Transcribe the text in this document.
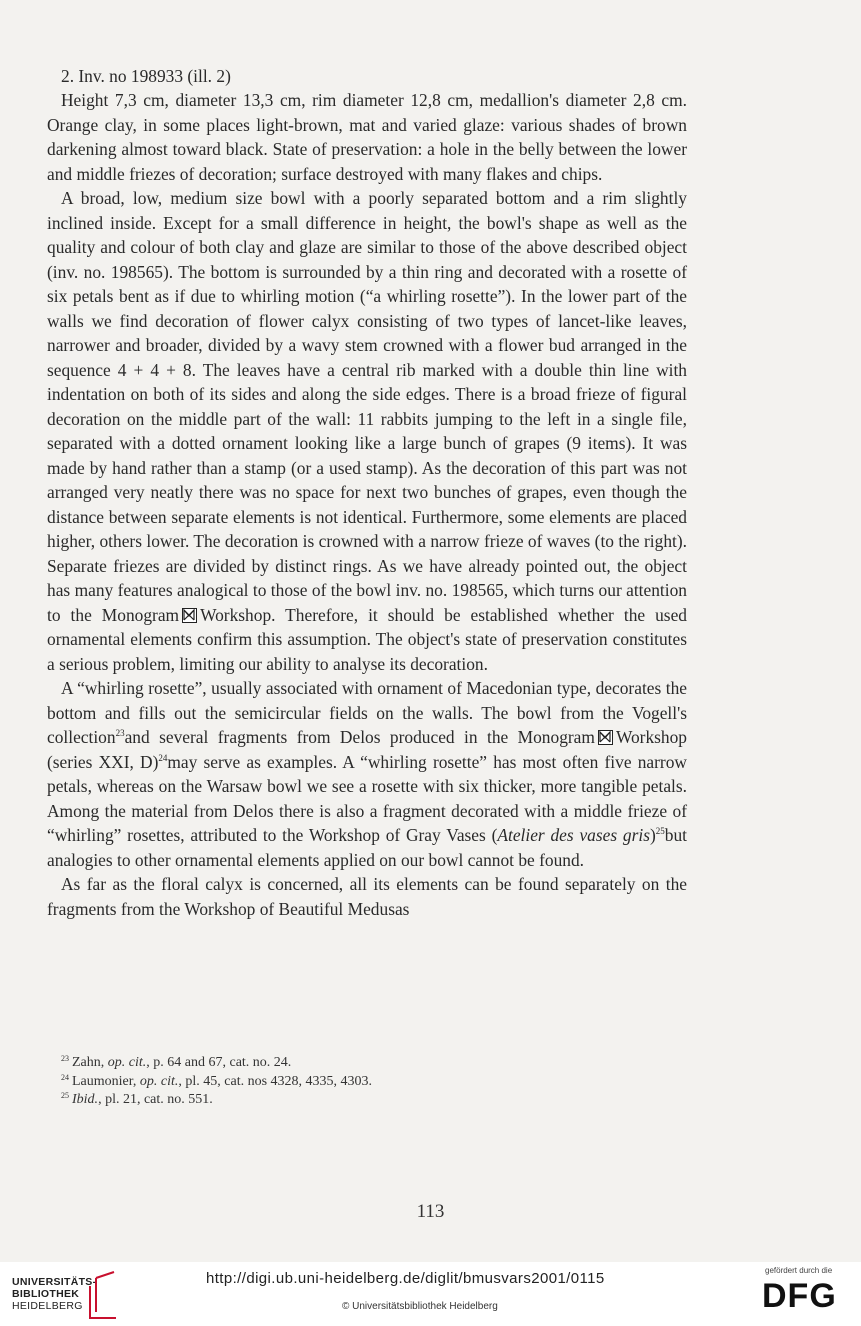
2. Inv. no 198933 (ill. 2)

Height 7,3 cm, diameter 13,3 cm, rim diameter 12,8 cm, medallion's diameter 2,8 cm. Orange clay, in some places light-brown, mat and varied glaze: various shades of brown darkening almost toward black. State of preservation: a hole in the belly between the lower and middle friezes of decoration; surface destroyed with many flakes and chips.

A broad, low, medium size bowl with a poorly separated bottom and a rim slightly inclined inside. Except for a small difference in height, the bowl's shape as well as the quality and colour of both clay and glaze are similar to those of the above described object (inv. no. 198565). The bottom is surrounded by a thin ring and decorated with a rosette of six petals bent as if due to whirling motion (“a whirling rosette”). In the lower part of the walls we find decoration of flower calyx consisting of two types of lancet-like leaves, narrower and broader, divided by a wavy stem crowned with a flower bud arranged in the sequence 4 + 4 + 8. The leaves have a central rib marked with a double thin line with indentation on both of its sides and along the side edges. There is a broad frieze of figural decoration on the middle part of the wall: 11 rabbits jumping to the left in a single file, separated with a dotted ornament looking like a large bunch of grapes (9 items). It was made by hand rather than a stamp (or a used stamp). As the decoration of this part was not arranged very neatly there was no space for next two bunches of grapes, even though the distance between separate elements is not identical. Furthermore, some elements are placed higher, others lower. The decoration is crowned with a narrow frieze of waves (to the right). Separate friezes are divided by distinct rings. As we have already pointed out, the object has many features analogical to those of the bowl inv. no. 198565, which turns our attention to the Monogram Workshop. Therefore, it should be established whether the used ornamental elements confirm this assumption. The object's state of preservation constitutes a serious problem, limiting our ability to analyse its decoration.

A “whirling rosette”, usually associated with ornament of Macedonian type, decorates the bottom and fills out the semicircular fields on the walls. The bowl from the Vogell's collection$^{23}$and several fragments from Delos produced in the Monogram Workshop (series XXI, D)$^{24}$may serve as examples. A “whirling rosette” has most often five narrow petals, whereas on the Warsaw bowl we see a rosette with six thicker, more tangible petals. Among the material from Delos there is also a fragment decorated with a middle frieze of “whirling” rosettes, attributed to the Workshop of Gray Vases (Atelier des vases gris)$^{25}$but analogies to other ornamental elements applied on our bowl cannot be found.

As far as the floral calyx is concerned, all its elements can be found separately on the fragments from the Workshop of Beautiful Medusas

$^{23}$ Zahn, op. cit., p. 64 and 67, cat. no. 24.
$^{24}$ Laumonier, op. cit., pl. 45, cat. nos 4328, 4335, 4303.
$^{25}$ Ibid., pl. 21, cat. no. 551.
113
UNIVERSITÄTS-
BIBLIOTHEK
HEIDELBERG
http://digi.ub.uni-heidelberg.de/diglit/bmusvars2001/0115
© Universitätsbibliothek Heidelberg
gefördert durch die
DFG
